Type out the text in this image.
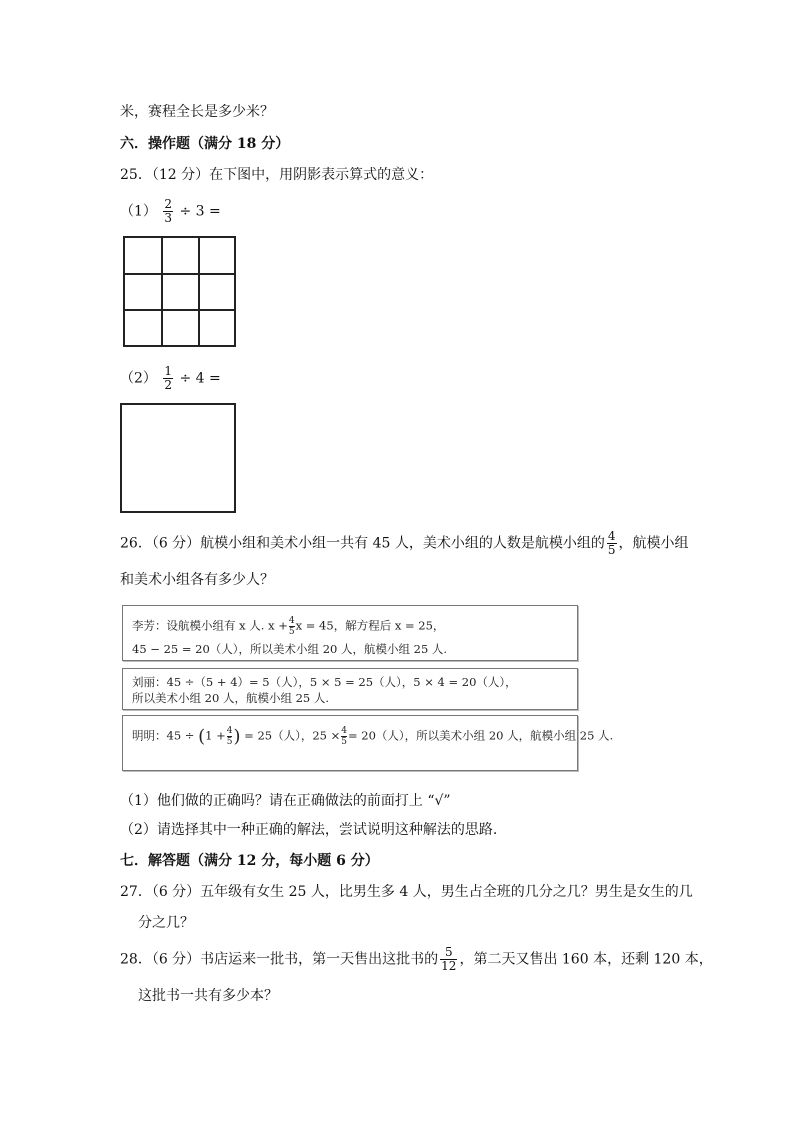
米，赛程全长是多少米？
六．操作题（满分 18 分）
25．（12 分）在下图中，用阴影表示算式的意义：
$(1) \frac{2}{3} \div 3$ =
$(2) \frac{1}{2} \div 4$ =
26．（6 分）航模小组和美术小组一共有 45 人，美术小组的人数是航模小组的 $\frac{4}{5}$ ，航模小组
和美术小组各有多少人？
李芳：设航模小组有 x 人. $x + \frac{4}{5}x = 45$，解方程后 x = 25，
45 − 25 = 20（人），所以美术小组 20 人，航模小组 25 人.
刘丽：45 ÷（5 + 4）= 5（人），5 × 5 = 25（人），5 × 4 = 20（人），
所以美术小组 20 人，航模小组 25 人.
明明：$45 \div (1 + \frac{4}{5}) = 25$（人），$25 \times \frac{4}{5}= 20$（人），所以美术小组 20 人，航模小组 25 人.
（1）他们做的正确吗？请在正确做法的前面打上 “√”
（2）请选择其中一种正确的解法，尝试说明这种解法的思路.
七．解答题（满分 12 分，每小题 6 分）
27．（6 分）五年级有女生 25 人，比男生多 4 人，男生占全班的几分之几？男生是女生的几
分之几？
28．（6 分）书店运来一批书，第一天售出这批书的 $\frac{5}{12}$ ，第二天又售出 160 本，还剩 120 本，
这批书一共有多少本？
